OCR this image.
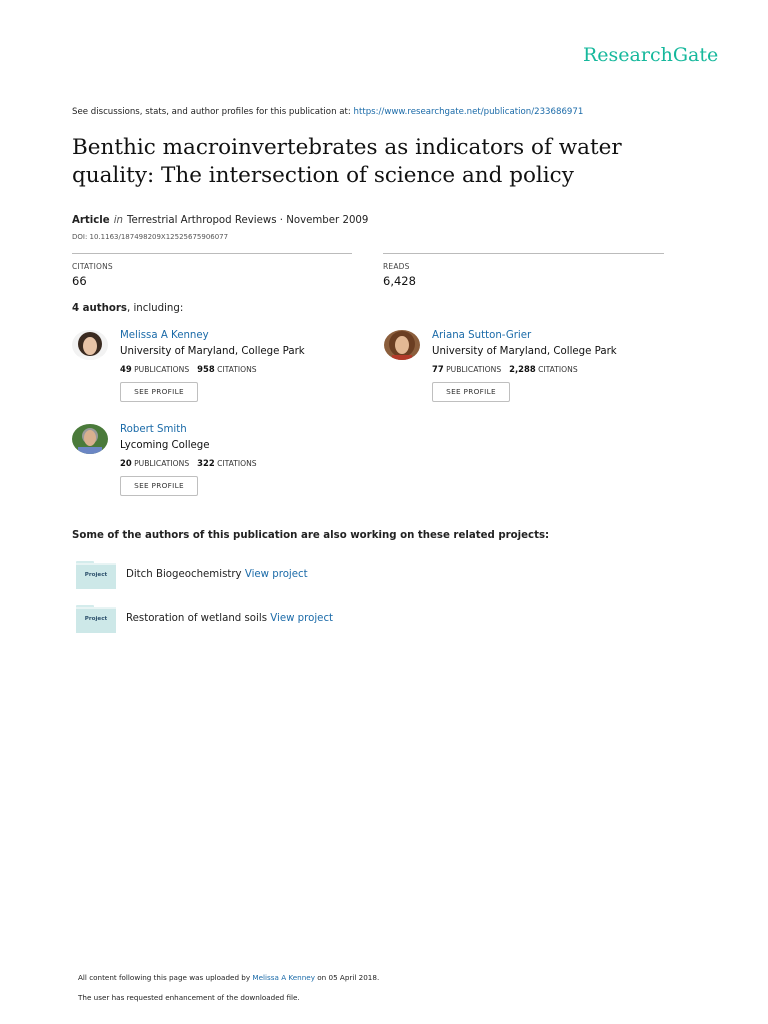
ResearchGate
See discussions, stats, and author profiles for this publication at: https://www.researchgate.net/publication/233686971
Benthic macroinvertebrates as indicators of water quality: The intersection of science and policy
Article in Terrestrial Arthropod Reviews · November 2009
DOI: 10.1163/187498209X12525675906077
CITATIONS
66
READS
6,428
4 authors, including:
Melissa A Kenney
University of Maryland, College Park
49 PUBLICATIONS 958 CITATIONS
SEE PROFILE
Ariana Sutton-Grier
University of Maryland, College Park
77 PUBLICATIONS 2,288 CITATIONS
SEE PROFILE
Robert Smith
Lycoming College
20 PUBLICATIONS 322 CITATIONS
SEE PROFILE
Some of the authors of this publication are also working on these related projects:
Project	Ditch Biogeochemistry View project
Project	Restoration of wetland soils View project
All content following this page was uploaded by Melissa A Kenney on 05 April 2018.
The user has requested enhancement of the downloaded file.
